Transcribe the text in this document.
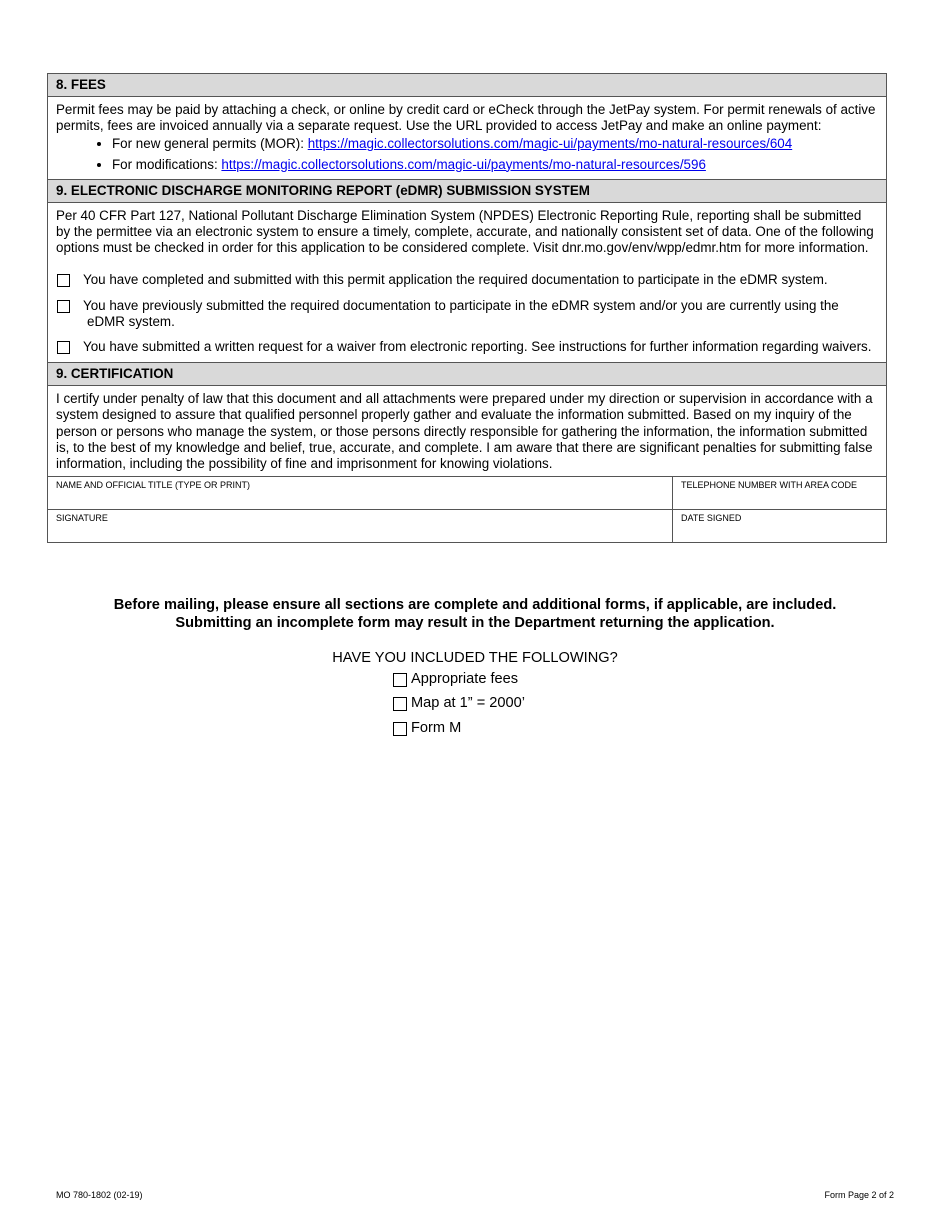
8. FEES

Permit fees may be paid by attaching a check, or online by credit card or eCheck through the JetPay system. For permit renewals of active permits, fees are invoiced annually via a separate request. Use the URL provided to access JetPay and make an online payment:

• For new general permits (MOR): https://magic.collectorsolutions.com/magic-ui/payments/mo-natural-resources/604
• For modifications: https://magic.collectorsolutions.com/magic-ui/payments/mo-natural-resources/596
9. ELECTRONIC DISCHARGE MONITORING REPORT (eDMR) SUBMISSION SYSTEM

Per 40 CFR Part 127, National Pollutant Discharge Elimination System (NPDES) Electronic Reporting Rule, reporting shall be submitted by the permittee via an electronic system to ensure a timely, complete, accurate, and nationally consistent set of data. One of the following options must be checked in order for this application to be considered complete. Visit dnr.mo.gov/env/wpp/edmr.htm for more information.

You have completed and submitted with this permit application the required documentation to participate in the eDMR system.
You have previously submitted the required documentation to participate in the eDMR system and/or you are currently using the eDMR system.
You have submitted a written request for a waiver from electronic reporting. See instructions for further information regarding waivers.
9. CERTIFICATION

I certify under penalty of law that this document and all attachments were prepared under my direction or supervision in accordance with a system designed to assure that qualified personnel properly gather and evaluate the information submitted. Based on my inquiry of the person or persons who manage the system, or those persons directly responsible for gathering the information, the information submitted is, to the best of my knowledge and belief, true, accurate, and complete. I am aware that there are significant penalties for submitting false information, including the possibility of fine and imprisonment for knowing violations.

NAME AND OFFICIAL TITLE (TYPE OR PRINT)	TELEPHONE NUMBER WITH AREA CODE
SIGNATURE	DATE SIGNED
Before mailing, please ensure all sections are complete and additional forms, if applicable, are included.
Submitting an incomplete form may result in the Department returning the application.
HAVE YOU INCLUDED THE FOLLOWING?
Appropriate fees
Map at 1” = 2000’
Form M
MO 780-1802 (02-19)	Form Page 2 of 2
